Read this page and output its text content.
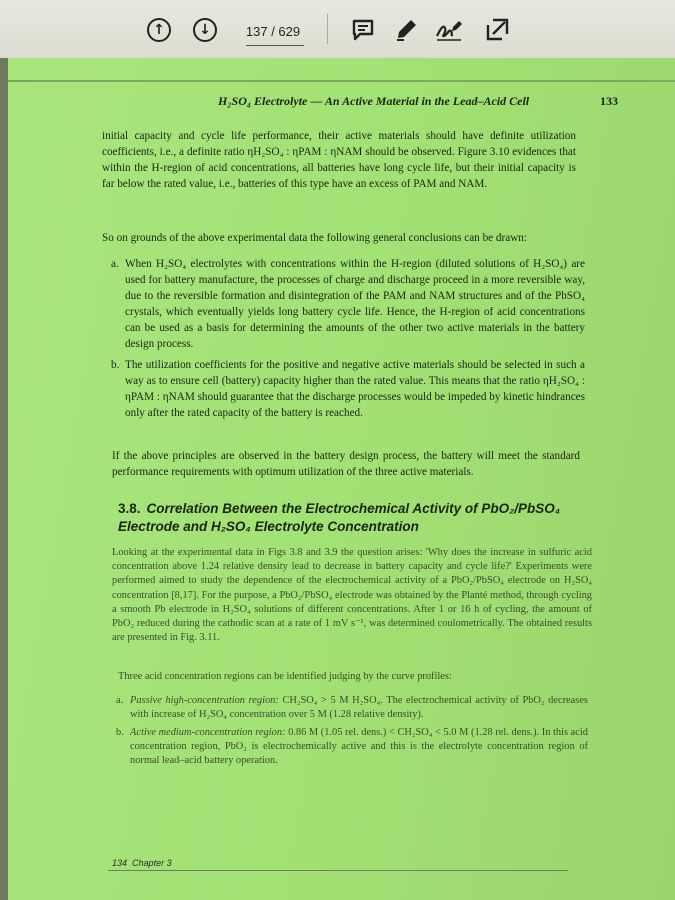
↑	↓	137
/ 629
H₂SO₄ Electrolyte — An Active Material in the Lead–Acid Cell	133
initial capacity and cycle life performance, their active materials should have definite utilization coefficients, i.e., a definite ratio ηH₂SO₄ : ηPAM : ηNAM should be observed. Figure 3.10 evidences that within the H-region of acid concentrations, all batteries have long cycle life, but their initial capacity is far below the rated value, i.e., batteries of this type have an excess of PAM and NAM.
So on grounds of the above experimental data the following general conclusions can be drawn:
a. When H₂SO₄ electrolytes with concentrations within the H-region (diluted solutions of H₂SO₄) are used for battery manufacture, the processes of charge and discharge proceed in a more reversible way, due to the reversible formation and disintegration of the PAM and NAM structures and of the PbSO₄ crystals, which eventually yields long battery cycle life. Hence, the H-region of acid concentrations can be used as a basis for determining the amounts of the other two active materials in the battery design process.
b. The utilization coefficients for the positive and negative active materials should be selected in such a way as to ensure cell (battery) capacity higher than the rated value. This means that the ratio ηH₂SO₄ : ηPAM : ηNAM should guarantee that the discharge processes would be impeded by kinetic hindrances only after the rated capacity of the battery is reached.
If the above principles are observed in the battery design process, the battery will meet the standard performance requirements with optimum utilization of the three active materials.
3.8. Correlation Between the Electrochemical Activity of PbO₂/PbSO₄ Electrode and H₂SO₄ Electrolyte Concentration
Looking at the experimental data in Figs 3.8 and 3.9 the question arises: 'Why does the increase in sulfuric acid concentration above 1.24 relative density lead to decrease in battery capacity and cycle life?' Experiments were performed aimed to study the dependence of the electrochemical activity of a PbO₂/PbSO₄ electrode on H₂SO₄ concentration [8,17]. For the purpose, a PbO₂/PbSO₄ electrode was obtained by the Planté method, through cycling a smooth Pb electrode in H₂SO₄ solutions of different concentrations. After 1 or 16 h of cycling, the amount of PbO₂ reduced during the cathodic scan at a rate of 1 mV s⁻¹, was determined coulometrically. The obtained results are presented in Fig. 3.11.
Three acid concentration regions can be identified judging by the curve profiles:
a. Passive high-concentration region: CH₂SO₄ > 5 M H₂SO₄. The electrochemical activity of PbO₂ decreases with increase of H₂SO₄ concentration over 5 M (1.28 relative density).
b. Active medium-concentration region: 0.86 M (1.05 rel. dens.) < CH₂SO₄ < 5.0 M (1.28 rel. dens.). In this acid concentration region, PbO₂ is electrochemically active and this is the electrolyte concentration region of normal lead–acid battery operation.
134 Chapter 3
